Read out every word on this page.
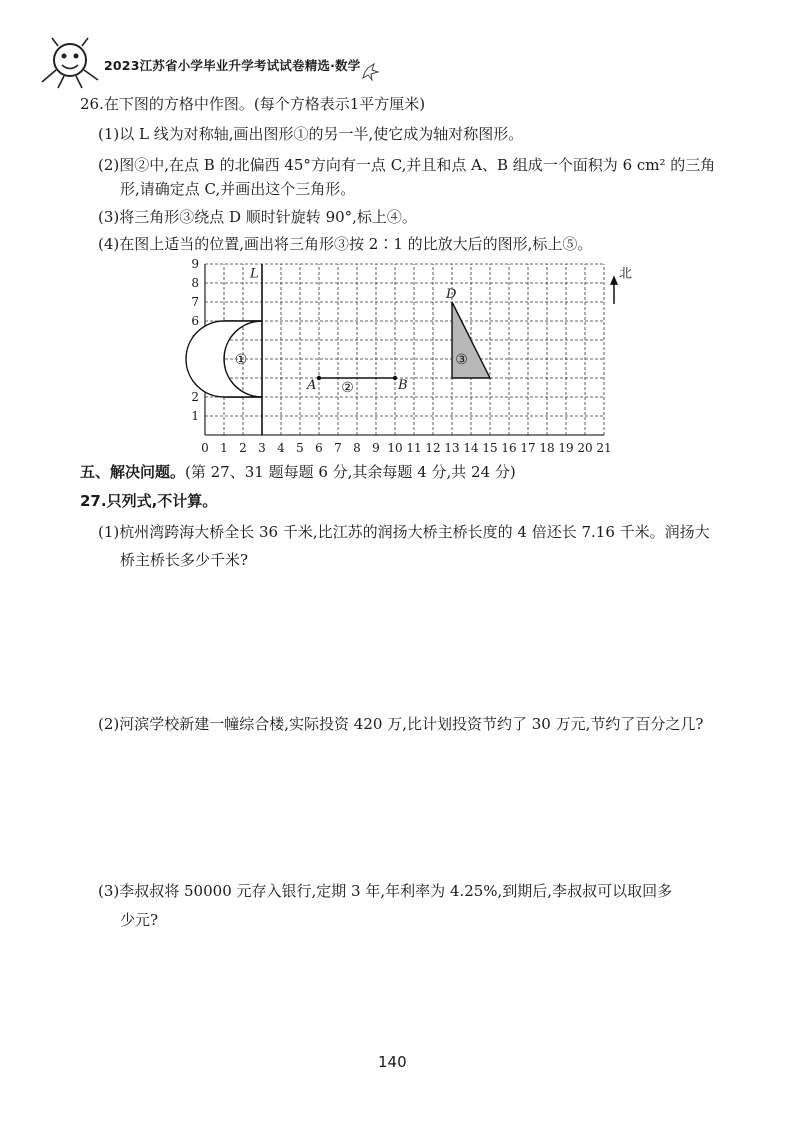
2023江苏省小学毕业升学考试试卷精选·数学
26.在下图的方格中作图。(每个方格表示1平方厘米)
(1)以 L 线为对称轴,画出图形①的另一半,使它成为轴对称图形。
(2)图②中,在点 B 的北偏西 45°方向有一点 C,并且和点 A、B 组成一个面积为 6 cm² 的三角
形,请确定点 C,并画出这个三角形。
(3)将三角形③绕点 D 顺时针旋转 90°,标上④。
(4)在图上适当的位置,画出将三角形③按 2∶1 的比放大后的图形,标上⑤。
0 1 2 3 4 5 6 7 8 9 10 11 12 13 14 15 16 17 18 19 20 21
1
2
6
7
8
9
L
①
A	B
②
D
③
北
五、解决问题。(第 27、31 题每题 6 分,其余每题 4 分,共 24 分)
27.只列式,不计算。
(1)杭州湾跨海大桥全长 36 千米,比江苏的润扬大桥主桥长度的 4 倍还长 7.16 千米。润扬大
桥主桥长多少千米?
(2)河滨学校新建一幢综合楼,实际投资 420 万,比计划投资节约了 30 万元,节约了百分之几?
(3)李叔叔将 50000 元存入银行,定期 3 年,年利率为 4.25%,到期后,李叔叔可以取回多
少元?
140
